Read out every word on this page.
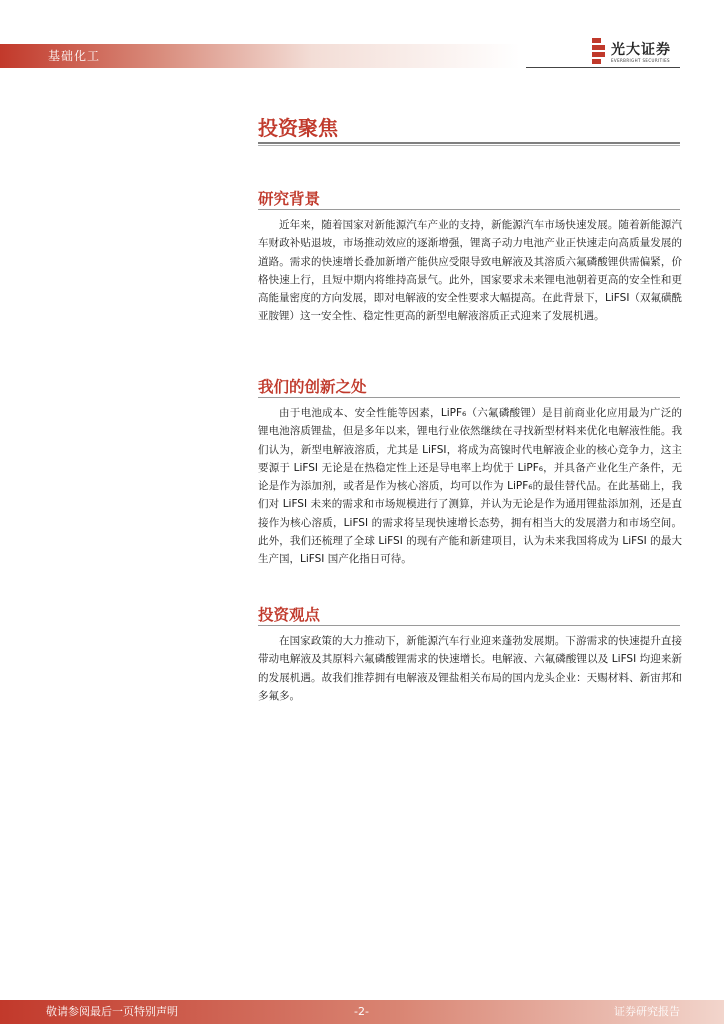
基础化工	光大证券
EVERBRIGHT SECURITIES
投资聚焦
研究背景

近年来，随着国家对新能源汽车产业的支持，新能源汽车市场快速发展。随着新能源汽车财政补贴退坡，市场推动效应的逐渐增强，锂离子动力电池产业正快速走向高质量发展的道路。需求的快速增长叠加新增产能供应受限导致电解液及其溶质六氟磷酸锂供需偏紧，价格快速上行，且短中期内将维持高景气。此外，国家要求未来锂电池朝着更高的安全性和更高能量密度的方向发展，即对电解液的安全性要求大幅提高。在此背景下，LiFSI（双氟磺酰亚胺锂）这一安全性、稳定性更高的新型电解液溶质正式迎来了发展机遇。

我们的创新之处

由于电池成本、安全性能等因素，LiPF₆（六氟磷酸锂）是目前商业化应用最为广泛的锂电池溶质锂盐，但是多年以来，锂电行业依然继续在寻找新型材料来优化电解液性能。我们认为，新型电解液溶质，尤其是 LiFSI，将成为高镍时代电解液企业的核心竞争力，这主要源于 LiFSI 无论是在热稳定性上还是导电率上均优于 LiPF₆，并具备产业化生产条件，无论是作为添加剂，或者是作为核心溶质，均可以作为 LiPF₆的最佳替代品。在此基础上，我们对 LiFSI 未来的需求和市场规模进行了测算，并认为无论是作为通用锂盐添加剂，还是直接作为核心溶质，LiFSI 的需求将呈现快速增长态势，拥有相当大的发展潜力和市场空间。此外，我们还梳理了全球 LiFSI 的现有产能和新建项目，认为未来我国将成为 LiFSI 的最大生产国，LiFSI 国产化指日可待。

投资观点

在国家政策的大力推动下，新能源汽车行业迎来蓬勃发展期。下游需求的快速提升直接带动电解液及其原料六氟磷酸锂需求的快速增长。电解液、六氟磷酸锂以及 LiFSI 均迎来新的发展机遇。故我们推荐拥有电解液及锂盐相关布局的国内龙头企业：天赐材料、新宙邦和多氟多。

敬请参阅最后一页特别声明	-2-	证券研究报告
